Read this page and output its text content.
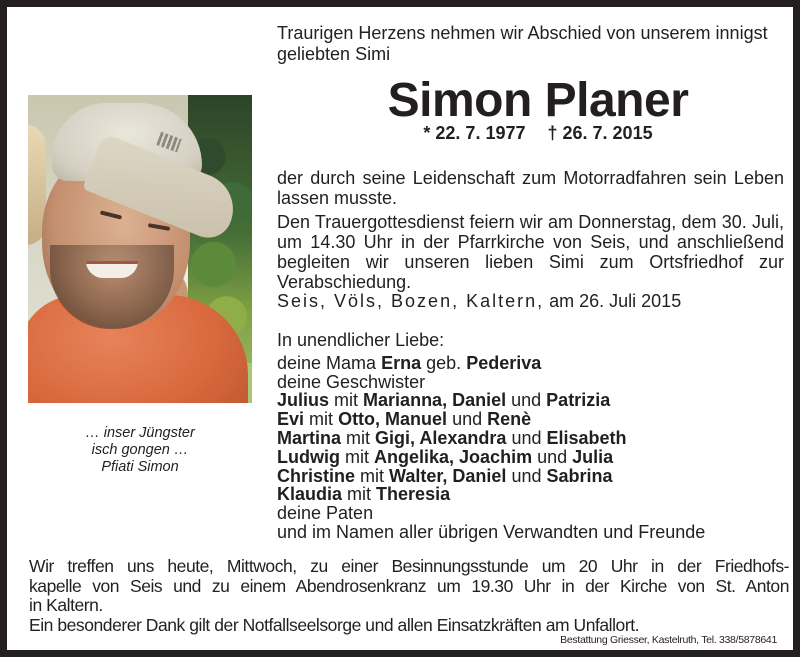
Traurigen Herzens nehmen wir Abschied von unserem innigst geliebten Simi
Simon Planer
* 22. 7. 1977 † 26. 7. 2015
… inser Jüngster
isch gongen …
Pfiati Simon
der durch seine Leidenschaft zum Motorradfahren sein Leben lassen musste.
Den Trauergottesdienst feiern wir am Donnerstag, dem 30. Juli, um 14.30 Uhr in der Pfarrkirche von Seis, und anschließend begleiten wir unseren lieben Simi zum Ortsfriedhof zur Verabschiedung.
Seis, Völs, Bozen, Kaltern, am 26. Juli 2015
In unendlicher Liebe:
deine Mama Erna geb. Pederiva
deine Geschwister
Julius mit Marianna, Daniel und Patrizia
Evi mit Otto, Manuel und Renè
Martina mit Gigi, Alexandra und Elisabeth
Ludwig mit Angelika, Joachim und Julia
Christine mit Walter, Daniel und Sabrina
Klaudia mit Theresia
deine Paten
und im Namen aller übrigen Verwandten und Freunde
Wir treffen uns heute, Mittwoch, zu einer Besinnungsstunde um 20 Uhr in der Friedhofs-
kapelle von Seis und zu einem Abendrosenkranz um 19.30 Uhr in der Kirche von St. Anton
in Kaltern.
Ein besonderer Dank gilt der Notfallseelsorge und allen Einsatzkräften am Unfallort.
Bestattung Griesser, Kastelruth, Tel. 338/5878641
